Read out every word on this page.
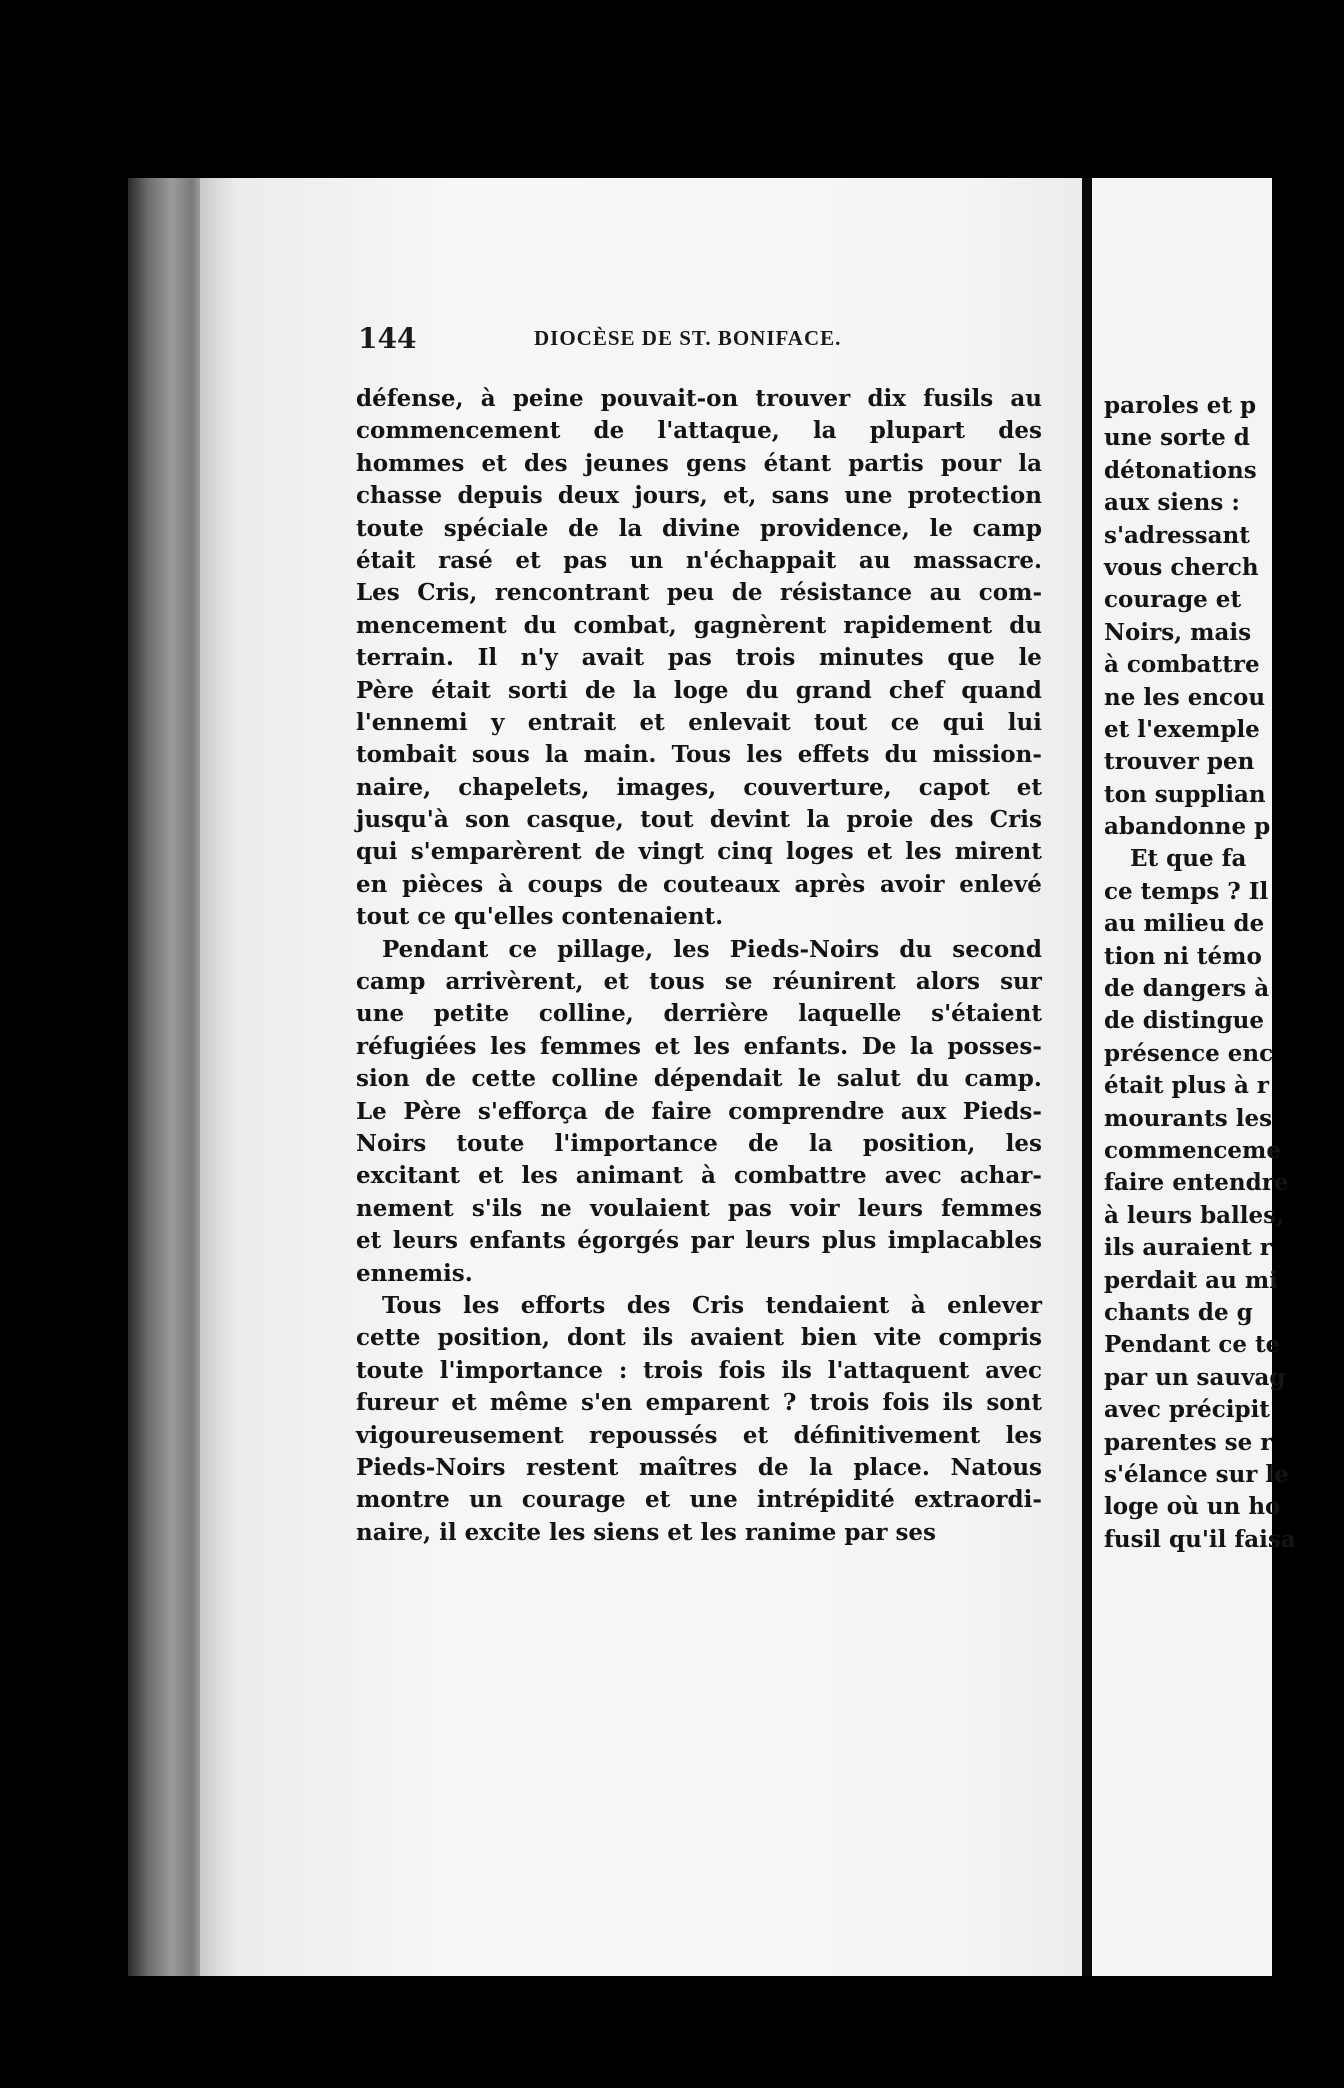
144	DIOCÈSE DE ST. BONIFACE.
défense, à peine pouvait-on trouver dix fusils au
commencement de l'attaque, la plupart des
hommes et des jeunes gens étant partis pour la
chasse depuis deux jours, et, sans une protection
toute spéciale de la divine providence, le camp
était rasé et pas un n'échappait au massacre.
Les Cris, rencontrant peu de résistance au com-
mencement du combat, gagnèrent rapidement du
terrain. Il n'y avait pas trois minutes que le
Père était sorti de la loge du grand chef quand
l'ennemi y entrait et enlevait tout ce qui lui
tombait sous la main. Tous les effets du mission-
naire, chapelets, images, couverture, capot et
jusqu'à son casque, tout devint la proie des Cris
qui s'emparèrent de vingt cinq loges et les mirent
en pièces à coups de couteaux après avoir enlevé
tout ce qu'elles contenaient.
Pendant ce pillage, les Pieds-Noirs du second
camp arrivèrent, et tous se réunirent alors sur
une petite colline, derrière laquelle s'étaient
réfugiées les femmes et les enfants. De la posses-
sion de cette colline dépendait le salut du camp.
Le Père s'efforça de faire comprendre aux Pieds-
Noirs toute l'importance de la position, les
excitant et les animant à combattre avec achar-
nement s'ils ne voulaient pas voir leurs femmes
et leurs enfants égorgés par leurs plus implacables
ennemis.
Tous les efforts des Cris tendaient à enlever
cette position, dont ils avaient bien vite compris
toute l'importance : trois fois ils l'attaquent avec
fureur et même s'en emparent ? trois fois ils sont
vigoureusement repoussés et définitivement les
Pieds-Noirs restent maîtres de la place. Natous
montre un courage et une intrépidité extraordi-
naire, il excite les siens et les ranime par ses
paroles et p
une sorte d
détonations
aux siens :
s'adressant
vous cherch
courage et
Noirs, mais
à combattre
ne les encou
et l'exemple
trouver pen
ton supplian
abandonne p
Et que fa
ce temps ? Il
au milieu de
tion ni témo
de dangers à
de distingue
présence enc
était plus à r
mourants les
commenceme
faire entendre
à leurs balles,
ils auraient r
perdait au mi
chants de g
Pendant ce te
par un sauvag
avec précipit
parentes se r
s'élance sur le
loge où un ho
fusil qu'il faisa
